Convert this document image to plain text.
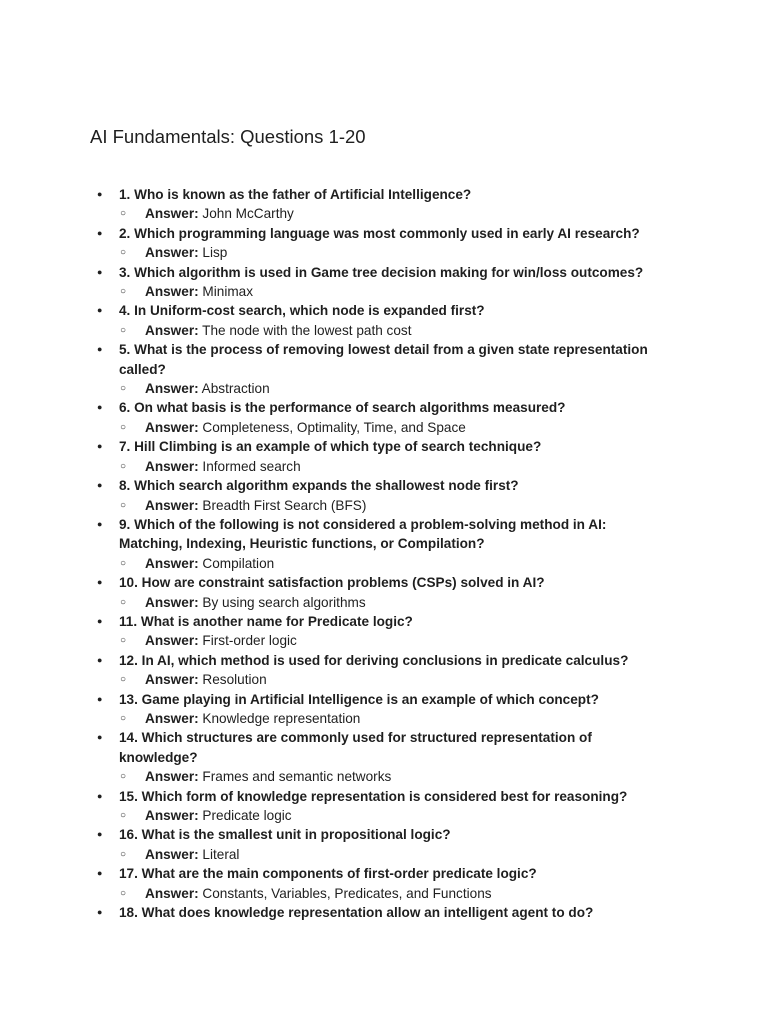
AI Fundamentals: Questions 1-20
● 1. Who is known as the father of Artificial Intelligence?
○ Answer: John McCarthy
● 2. Which programming language was most commonly used in early AI research?
○ Answer: Lisp
● 3. Which algorithm is used in Game tree decision making for win/loss outcomes?
○ Answer: Minimax
● 4. In Uniform-cost search, which node is expanded first?
○ Answer: The node with the lowest path cost
● 5. What is the process of removing lowest detail from a given state representation called?
○ Answer: Abstraction
● 6. On what basis is the performance of search algorithms measured?
○ Answer: Completeness, Optimality, Time, and Space
● 7. Hill Climbing is an example of which type of search technique?
○ Answer: Informed search
● 8. Which search algorithm expands the shallowest node first?
○ Answer: Breadth First Search (BFS)
● 9. Which of the following is not considered a problem-solving method in AI: Matching, Indexing, Heuristic functions, or Compilation?
○ Answer: Compilation
● 10. How are constraint satisfaction problems (CSPs) solved in AI?
○ Answer: By using search algorithms
● 11. What is another name for Predicate logic?
○ Answer: First-order logic
● 12. In AI, which method is used for deriving conclusions in predicate calculus?
○ Answer: Resolution
● 13. Game playing in Artificial Intelligence is an example of which concept?
○ Answer: Knowledge representation
● 14. Which structures are commonly used for structured representation of knowledge?
○ Answer: Frames and semantic networks
● 15. Which form of knowledge representation is considered best for reasoning?
○ Answer: Predicate logic
● 16. What is the smallest unit in propositional logic?
○ Answer: Literal
● 17. What are the main components of first-order predicate logic?
○ Answer: Constants, Variables, Predicates, and Functions
● 18. What does knowledge representation allow an intelligent agent to do?
